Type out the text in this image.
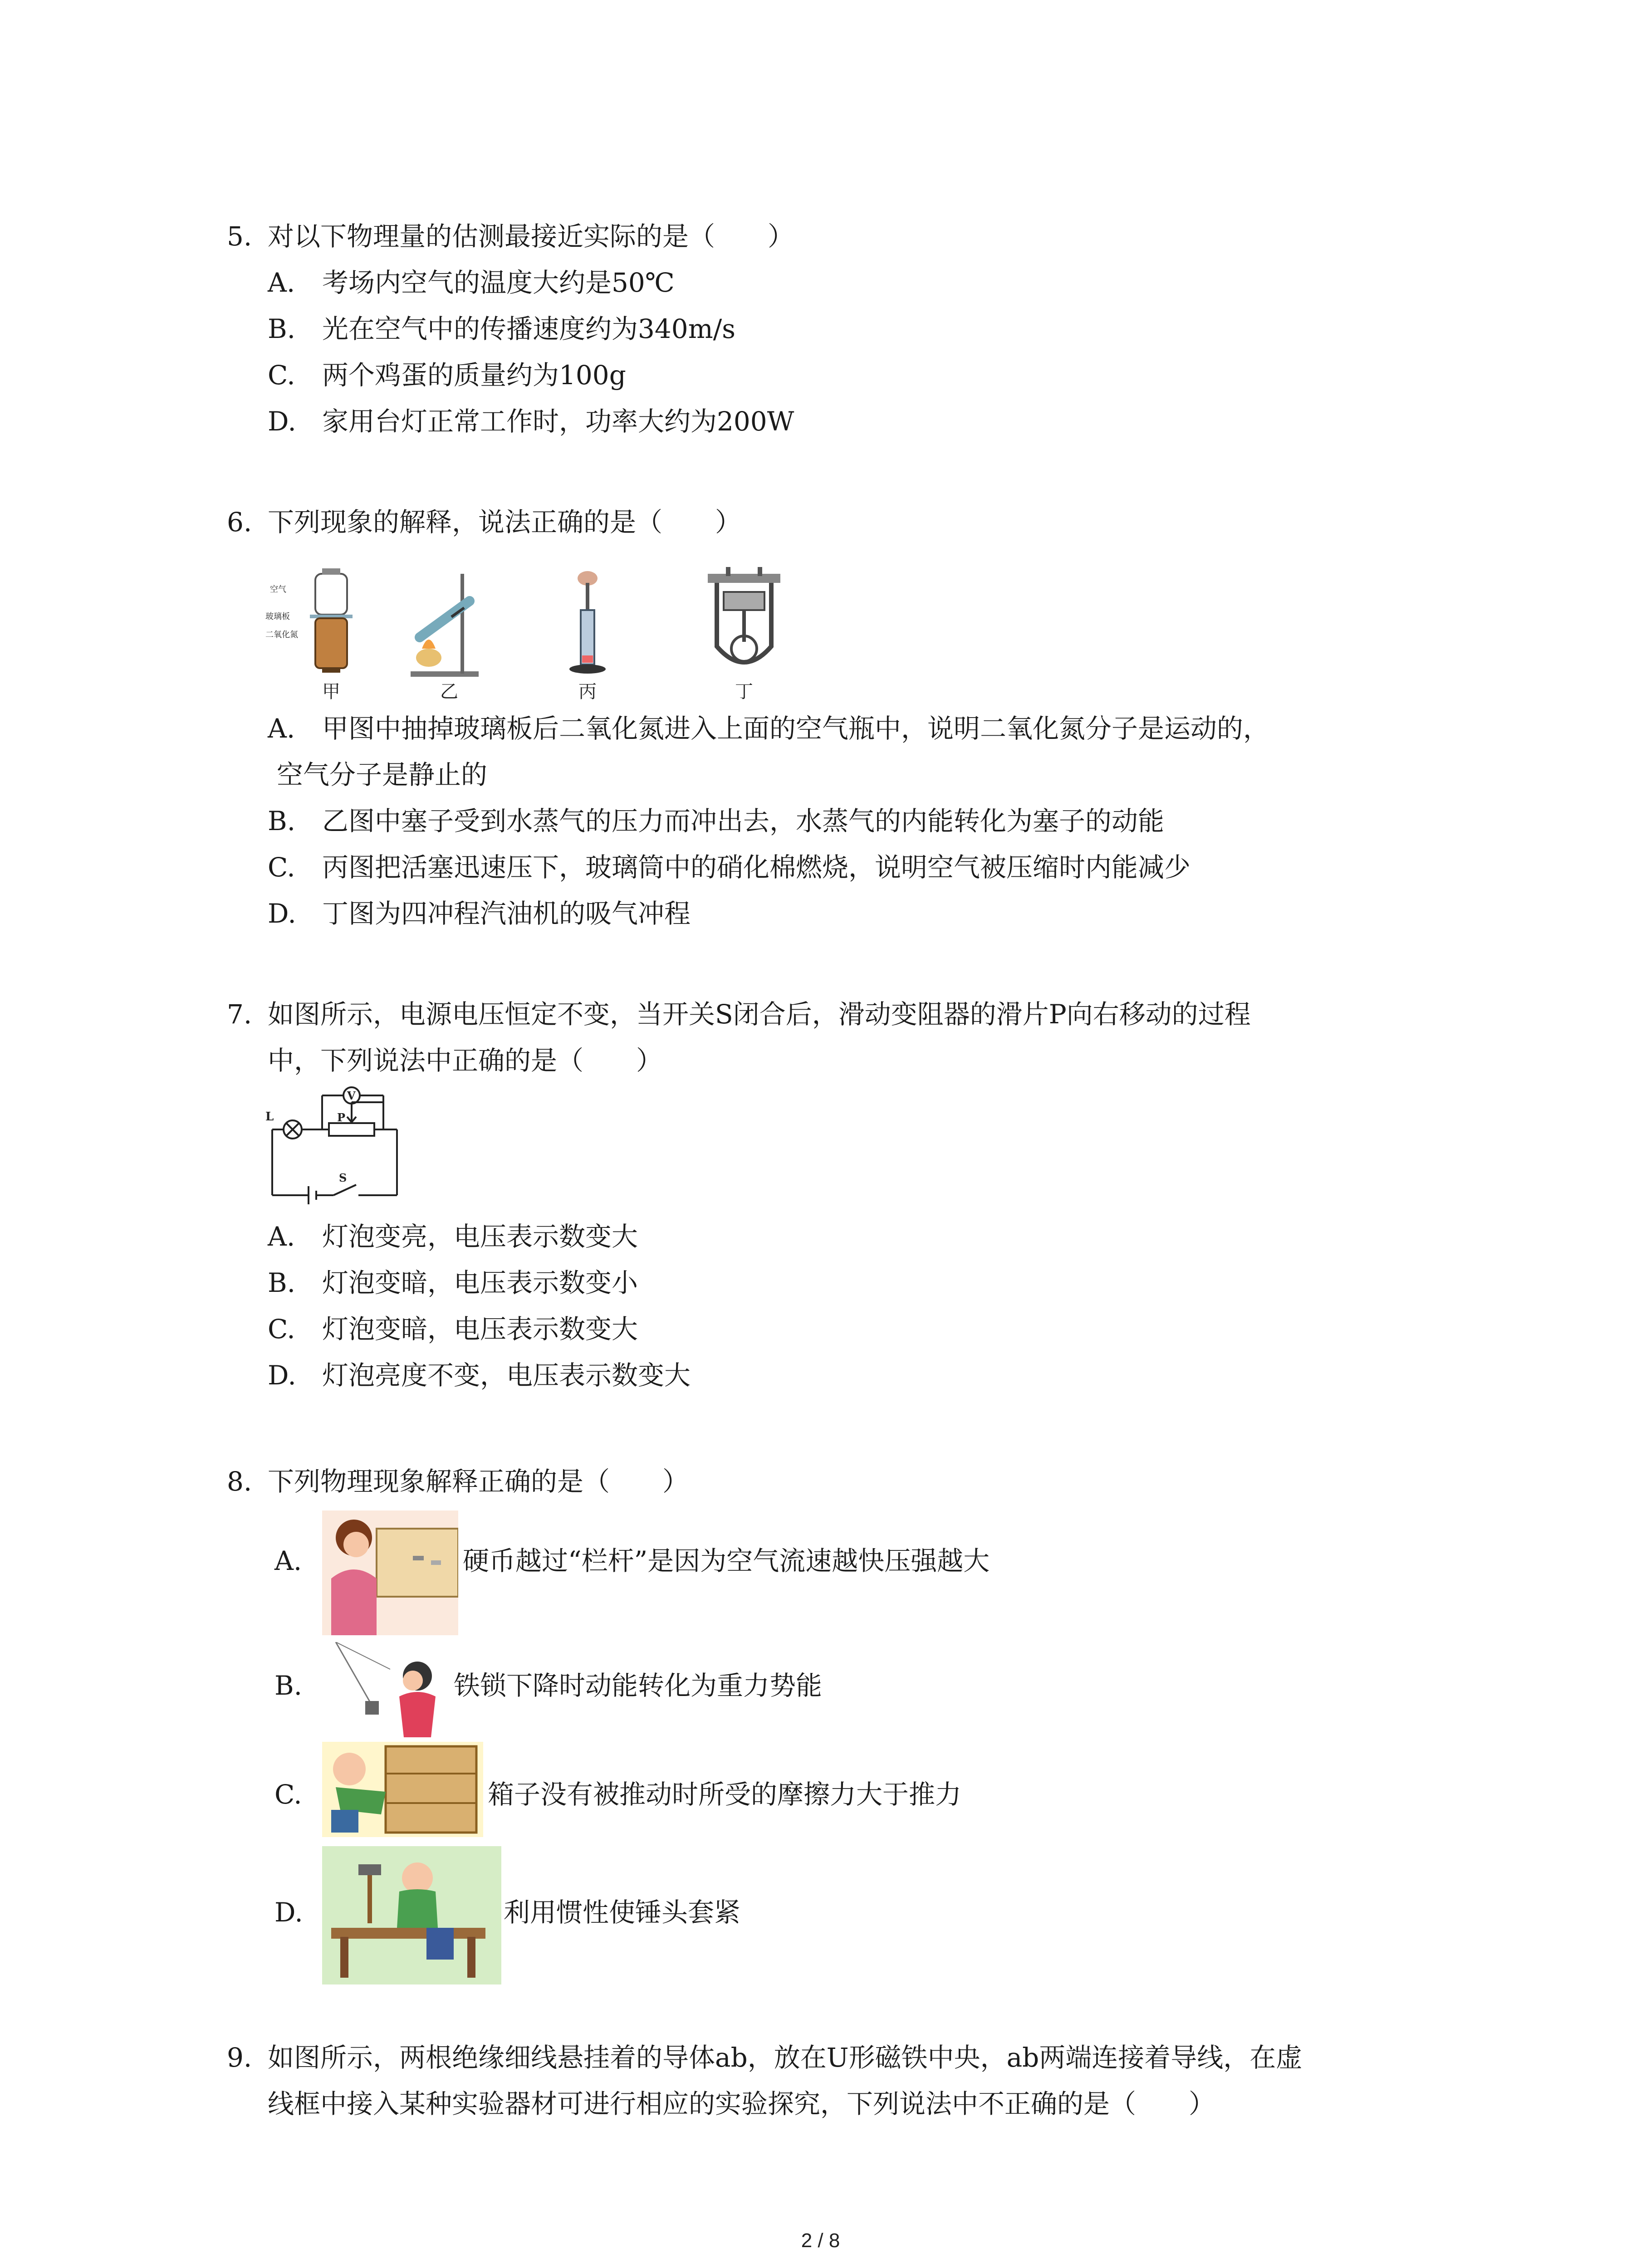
5. 对以下物理量的估测最接近实际的是（　　）
A. 考场内空气的温度大约是50℃
B. 光在空气中的传播速度约为340m/s
C. 两个鸡蛋的质量约为100g
D. 家用台灯正常工作时，功率大约为200W
6. 下列现象的解释，说法正确的是（　　）
空气
玻璃板
二氧化氮
甲	乙	丙	丁
A. 甲图中抽掉玻璃板后二氧化氮进入上面的空气瓶中，说明二氧化氮分子是运动的，
空气分子是静止的
B. 乙图中塞子受到水蒸气的压力而冲出去，水蒸气的内能转化为塞子的动能
C. 丙图把活塞迅速压下，玻璃筒中的硝化棉燃烧，说明空气被压缩时内能减少
D. 丁图为四冲程汽油机的吸气冲程
7. 如图所示，电源电压恒定不变，当开关S闭合后，滑动变阻器的滑片P向右移动的过程
中，下列说法中正确的是（　　）
L
V
P
S
A. 灯泡变亮，电压表示数变大
B. 灯泡变暗，电压表示数变小
C. 灯泡变暗，电压表示数变大
D. 灯泡亮度不变，电压表示数变大
8. 下列物理现象解释正确的是（　　）
A.	硬币越过“栏杆”是因为空气流速越快压强越大
B.	铁锁下降时动能转化为重力势能
C.	箱子没有被推动时所受的摩擦力大于推力
D.	利用惯性使锤头套紧
9. 如图所示，两根绝缘细线悬挂着的导体ab，放在U形磁铁中央，ab两端连接着导线，在虚
线框中接入某种实验器材可进行相应的实验探究，下列说法中不正确的是（　　）
2 / 8
